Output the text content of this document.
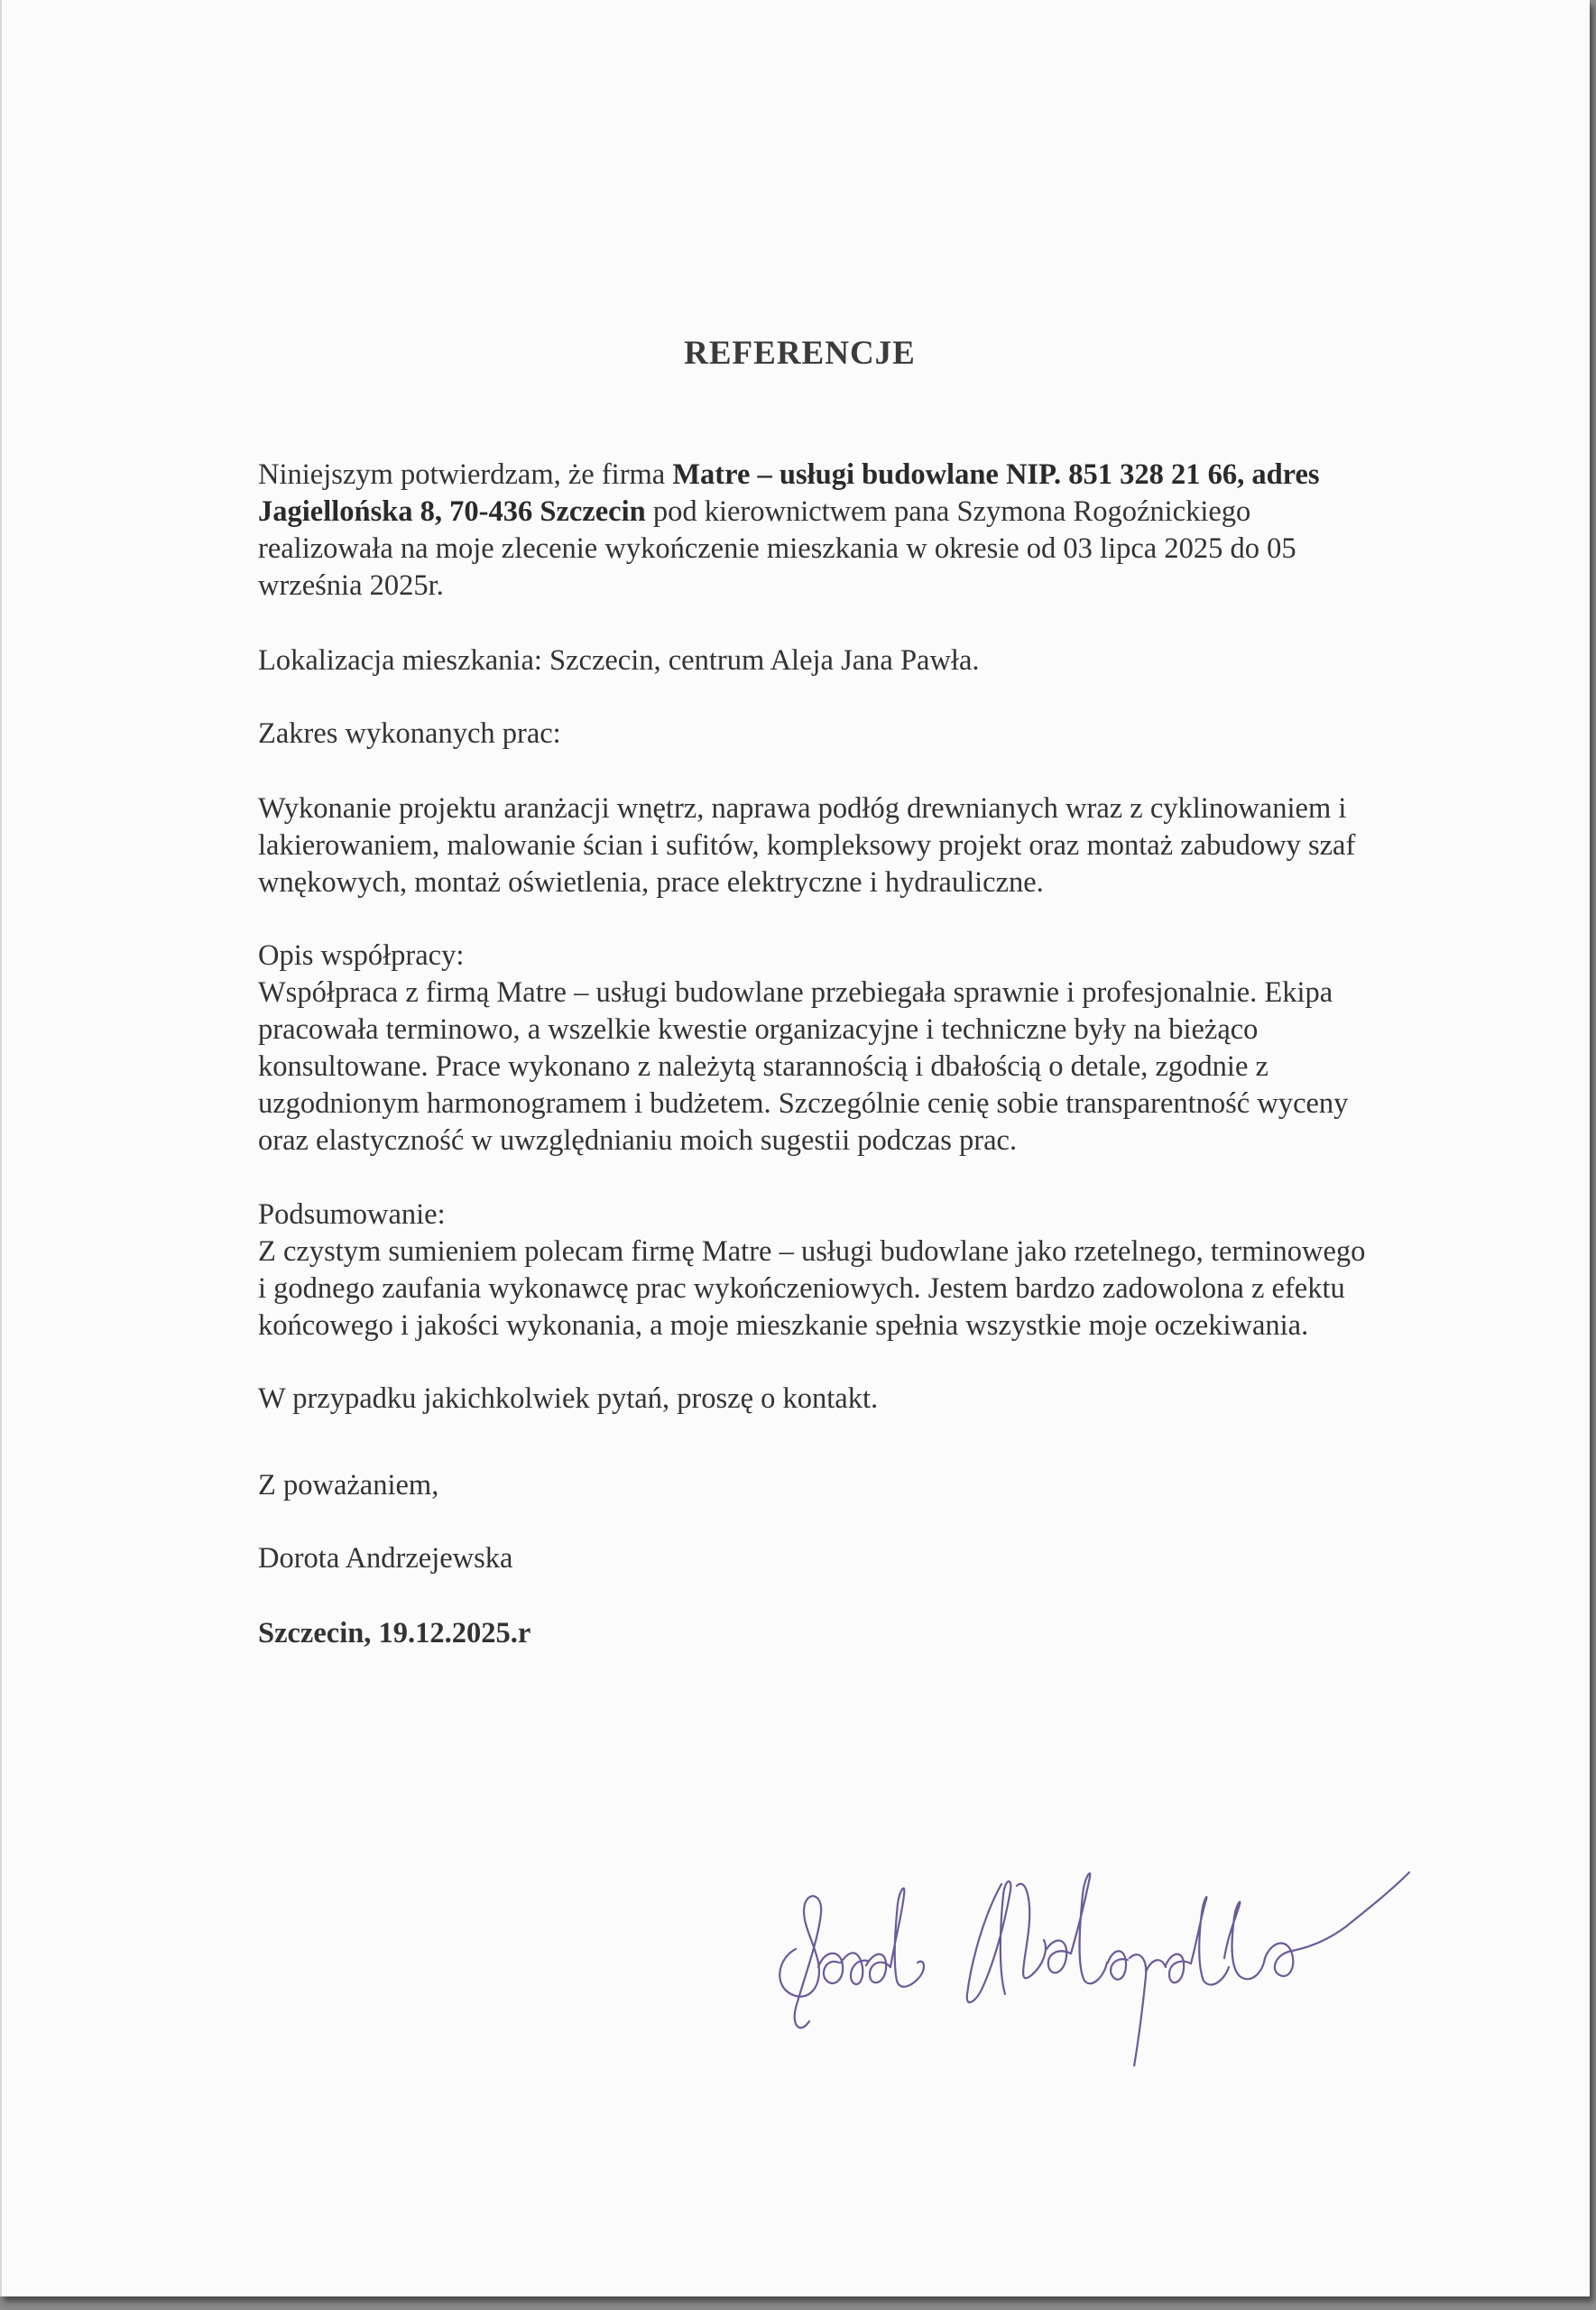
REFERENCJE

Niniejszym potwierdzam, że firma Matre – usługi budowlane NIP. 851 328 21 66, adres Jagiellońska 8, 70-436 Szczecin pod kierownictwem pana Szymona Rogoźnickiego realizowała na moje zlecenie wykończenie mieszkania w okresie od 03 lipca 2025 do 05 września 2025r.

Lokalizacja mieszkania: Szczecin, centrum Aleja Jana Pawła.

Zakres wykonanych prac:

Wykonanie projektu aranżacji wnętrz, naprawa podłóg drewnianych wraz z cyklinowaniem i lakierowaniem, malowanie ścian i sufitów, kompleksowy projekt oraz montaż zabudowy szaf wnękowych, montaż oświetlenia, prace elektryczne i hydrauliczne.

Opis współpracy:

Współpraca z firmą Matre – usługi budowlane przebiegała sprawnie i profesjonalnie. Ekipa pracowała terminowo, a wszelkie kwestie organizacyjne i techniczne były na bieżąco konsultowane. Prace wykonano z należytą starannością i dbałością o detale, zgodnie z uzgodnionym harmonogramem i budżetem. Szczególnie cenię sobie transparentność wyceny oraz elastyczność w uwzględnianiu moich sugestii podczas prac.

Podsumowanie:

Z czystym sumieniem polecam firmę Matre – usługi budowlane jako rzetelnego, terminowego i godnego zaufania wykonawcę prac wykończeniowych. Jestem bardzo zadowolona z efektu końcowego i jakości wykonania, a moje mieszkanie spełnia wszystkie moje oczekiwania.

W przypadku jakichkolwiek pytań, proszę o kontakt.

Z poważaniem,

Dorota Andrzejewska

Szczecin, 19.12.2025.r
